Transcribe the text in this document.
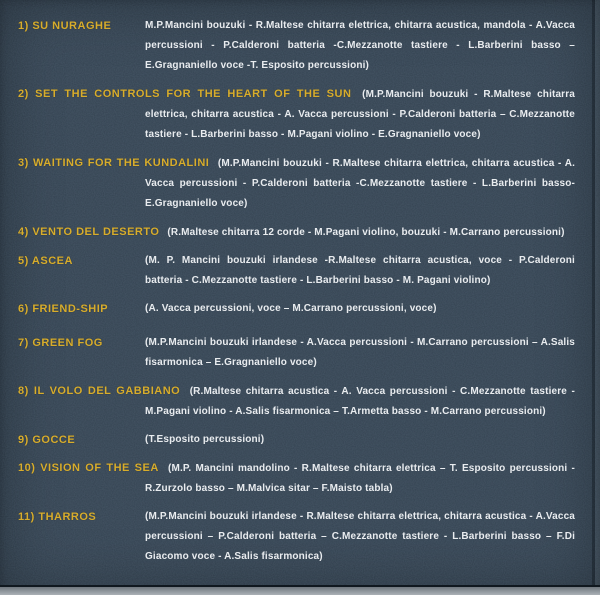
1) SU NURAGHE	M.P.Mancini bouzuki - R.Maltese chitarra elettrica, chitarra acustica, mandola - A.Vacca percussioni - P.Calderoni batteria -C.Mezzanotte tastiere - L.Barberini basso – E.Gragnaniello voce -T. Esposito percussioni)
2) SET THE CONTROLS FOR THE HEART OF THE SUN (M.P.Mancini bouzuki - R.Maltese chitarra elettrica, chitarra acustica - A. Vacca percussioni - P.Calderoni batteria – C.Mezzanotte tastiere - L.Barberini basso - M.Pagani violino - E.Gragnaniello voce)
3) WAITING FOR THE KUNDALINI (M.P.Mancini bouzuki - R.Maltese chitarra elettrica, chitarra acustica - A. Vacca percussioni - P.Calderoni batteria -C.Mezzanotte tastiere - L.Barberini basso- E.Gragnaniello voce)
4) VENTO DEL DESERTO (R.Maltese chitarra 12 corde - M.Pagani violino, bouzuki - M.Carrano percussioni)
5) ASCEA	(M. P. Mancini bouzuki irlandese -R.Maltese chitarra acustica, voce - P.Calderoni batteria - C.Mezzanotte tastiere - L.Barberini basso - M. Pagani violino)
6) FRIEND-SHIP	(A. Vacca percussioni, voce – M.Carrano percussioni, voce)
7) GREEN FOG	(M.P.Mancini bouzuki irlandese - A.Vacca percussioni - M.Carrano percussioni – A.Salis fisarmonica – E.Gragnaniello voce)
8) IL VOLO DEL GABBIANO (R.Maltese chitarra acustica - A. Vacca percussioni - C.Mezzanotte tastiere - M.Pagani violino - A.Salis fisarmonica – T.Armetta basso - M.Carrano percussioni)
9) GOCCE	(T.Esposito percussioni)
10) VISION OF THE SEA (M.P. Mancini mandolino - R.Maltese chitarra elettrica – T. Esposito percussioni - R.Zurzolo basso – M.Malvica sitar – F.Maisto tabla)
11) THARROS	(M.P.Mancini bouzuki irlandese - R.Maltese chitarra elettrica, chitarra acustica - A.Vacca percussioni – P.Calderoni batteria – C.Mezzanotte tastiere - L.Barberini basso – F.Di Giacomo voce - A.Salis fisarmonica)
